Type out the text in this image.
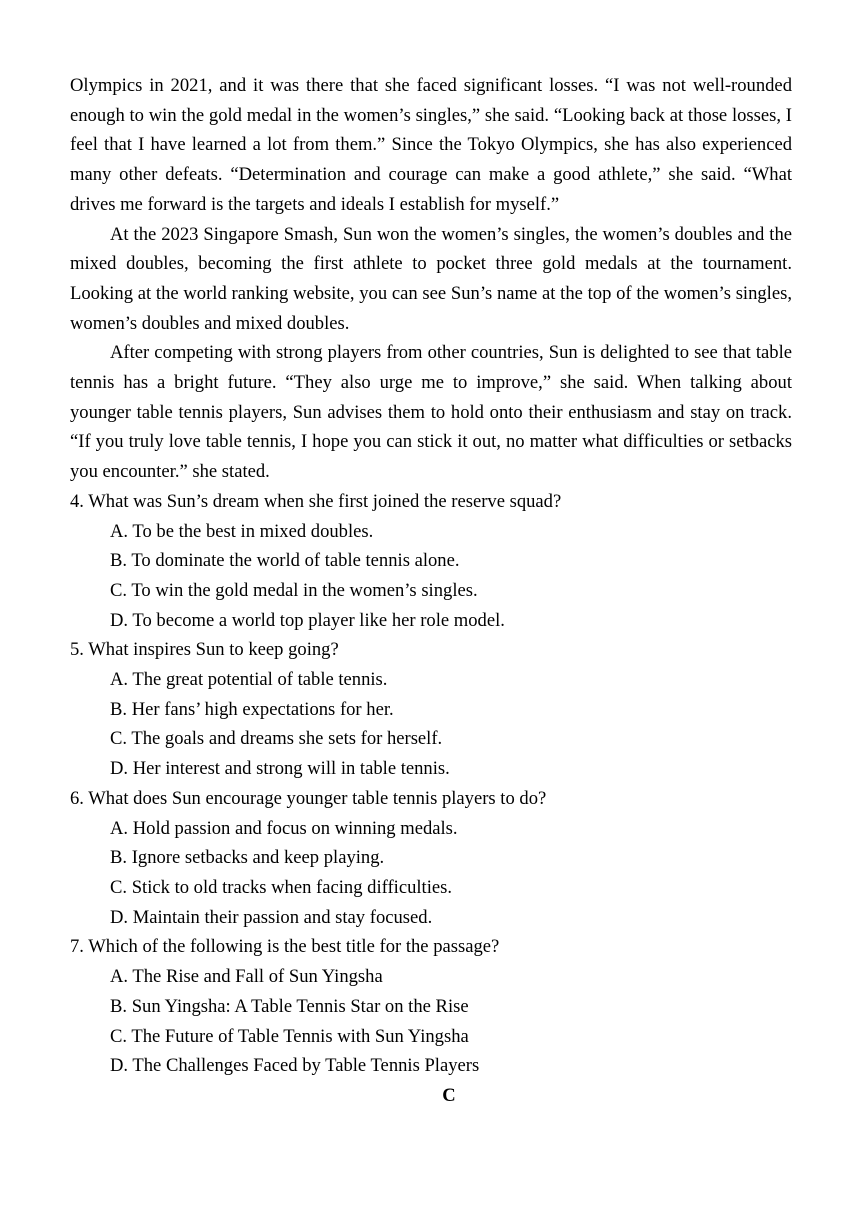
Olympics in 2021, and it was there that she faced significant losses. “I was not well-rounded enough to win the gold medal in the women’s singles,” she said. “Looking back at those losses, I feel that I have learned a lot from them.” Since the Tokyo Olympics, she has also experienced many other defeats. “Determination and courage can make a good athlete,” she said. “What drives me forward is the targets and ideals I establish for myself.”

At the 2023 Singapore Smash, Sun won the women’s singles, the women’s doubles and the mixed doubles, becoming the first athlete to pocket three gold medals at the tournament. Looking at the world ranking website, you can see Sun’s name at the top of the women’s singles, women’s doubles and mixed doubles.

After competing with strong players from other countries, Sun is delighted to see that table tennis has a bright future. “They also urge me to improve,” she said. When talking about younger table tennis players, Sun advises them to hold onto their enthusiasm and stay on track. “If you truly love table tennis, I hope you can stick it out, no matter what difficulties or setbacks you encounter.” she stated.

4. What was Sun’s dream when she first joined the reserve squad?

A. To be the best in mixed doubles.
B. To dominate the world of table tennis alone.
C. To win the gold medal in the women’s singles.
D. To become a world top player like her role model.

5. What inspires Sun to keep going?

A. The great potential of table tennis.
B. Her fans’ high expectations for her.
C. The goals and dreams she sets for herself.
D. Her interest and strong will in table tennis.

6. What does Sun encourage younger table tennis players to do?

A. Hold passion and focus on winning medals.
B. Ignore setbacks and keep playing.
C. Stick to old tracks when facing difficulties.
D. Maintain their passion and stay focused.

7. Which of the following is the best title for the passage?

A. The Rise and Fall of Sun Yingsha
B. Sun Yingsha: A Table Tennis Star on the Rise
C. The Future of Table Tennis with Sun Yingsha
D. The Challenges Faced by Table Tennis Players

C
